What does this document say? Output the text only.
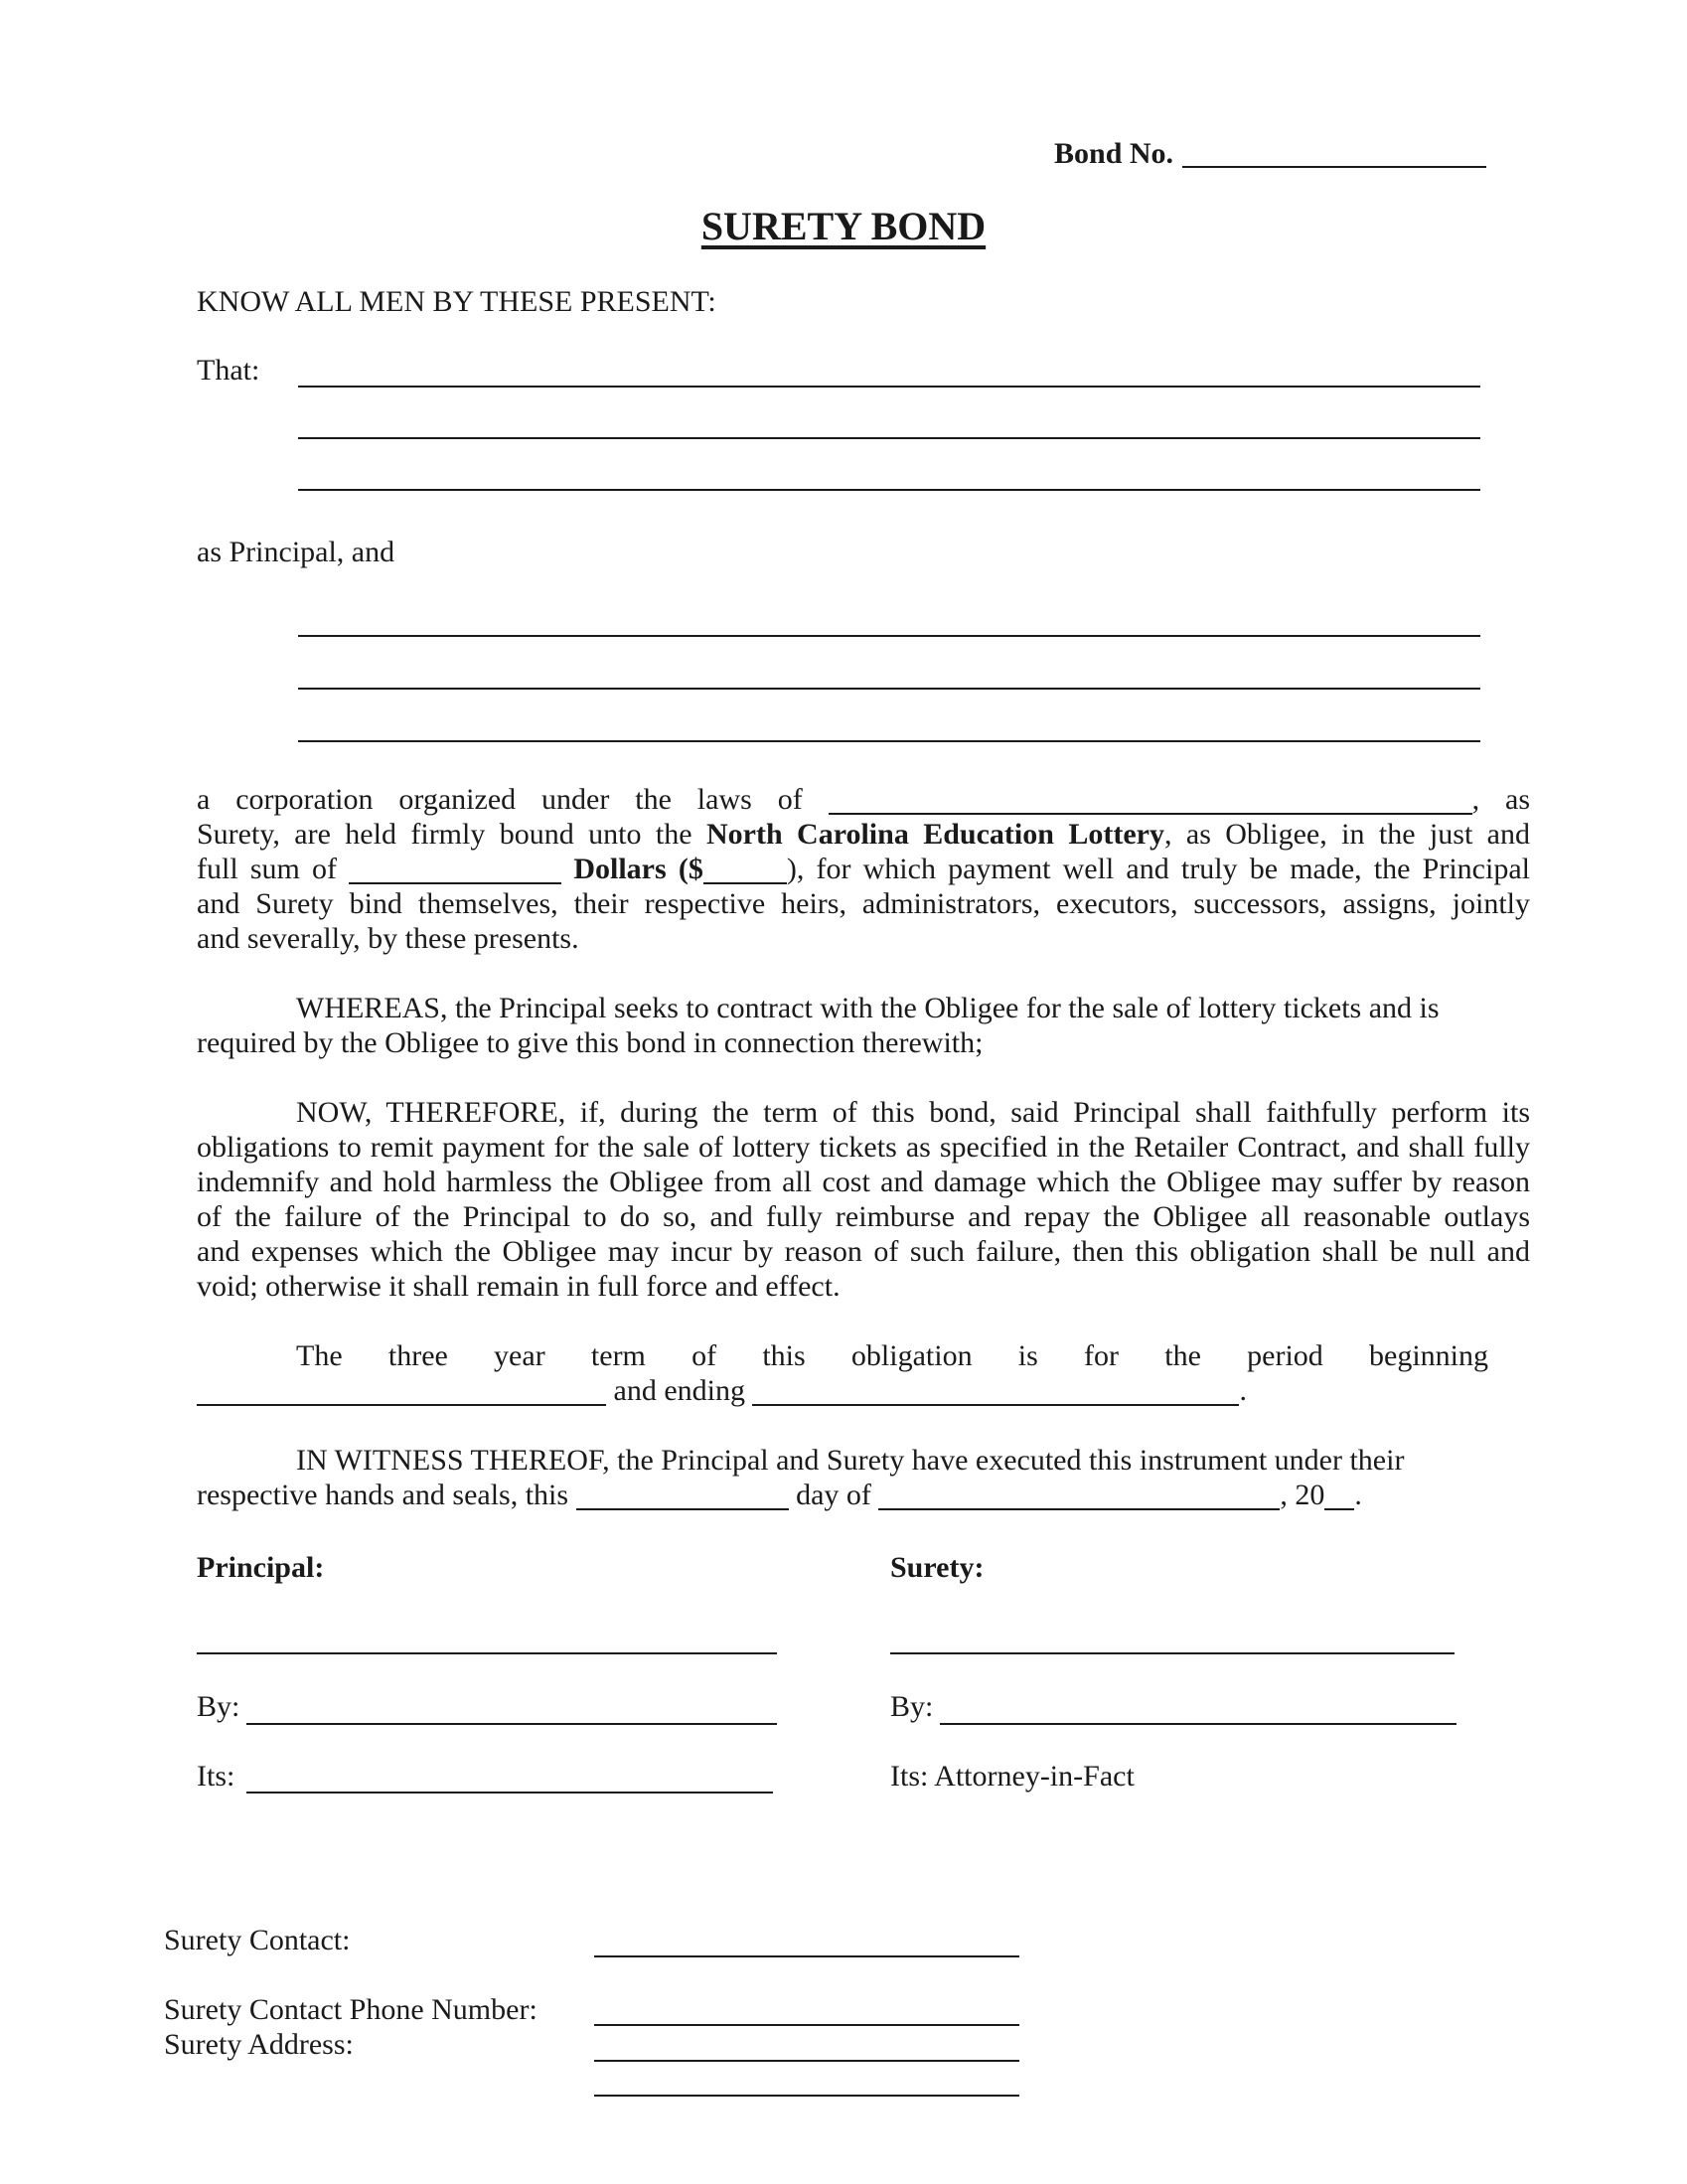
Bond No.
SURETY BOND
KNOW ALL MEN BY THESE PRESENT:
That:
as Principal, and
a corporation organized under the laws of	, as
Surety, are held firmly bound unto the North Carolina Education Lottery, as Obligee, in the just and
full sum of	Dollars ($	), for which payment well and truly be made, the Principal
and Surety bind themselves, their respective heirs, administrators, executors, successors, assigns, jointly
and severally, by these presents.
WHEREAS, the Principal seeks to contract with the Obligee for the sale of lottery tickets and is
required by the Obligee to give this bond in connection therewith;
NOW, THEREFORE, if, during the term of this bond, said Principal shall faithfully perform its
obligations to remit payment for the sale of lottery tickets as specified in the Retailer Contract, and shall fully
indemnify and hold harmless the Obligee from all cost and damage which the Obligee may suffer by reason
of the failure of the Principal to do so, and fully reimburse and repay the Obligee all reasonable outlays
and expenses which the Obligee may incur by reason of such failure, then this obligation shall be null and
void; otherwise it shall remain in full force and effect.
The three year term of this obligation is for the period beginning
and ending	.
IN WITNESS THEREOF, the Principal and Surety have executed this instrument under their
respective hands and seals, this	day of	, 20 .
Principal:	Surety:
By:	By:
Its:	Its: Attorney-in-Fact
Surety Contact:
Surety Contact Phone Number:
Surety Address:
